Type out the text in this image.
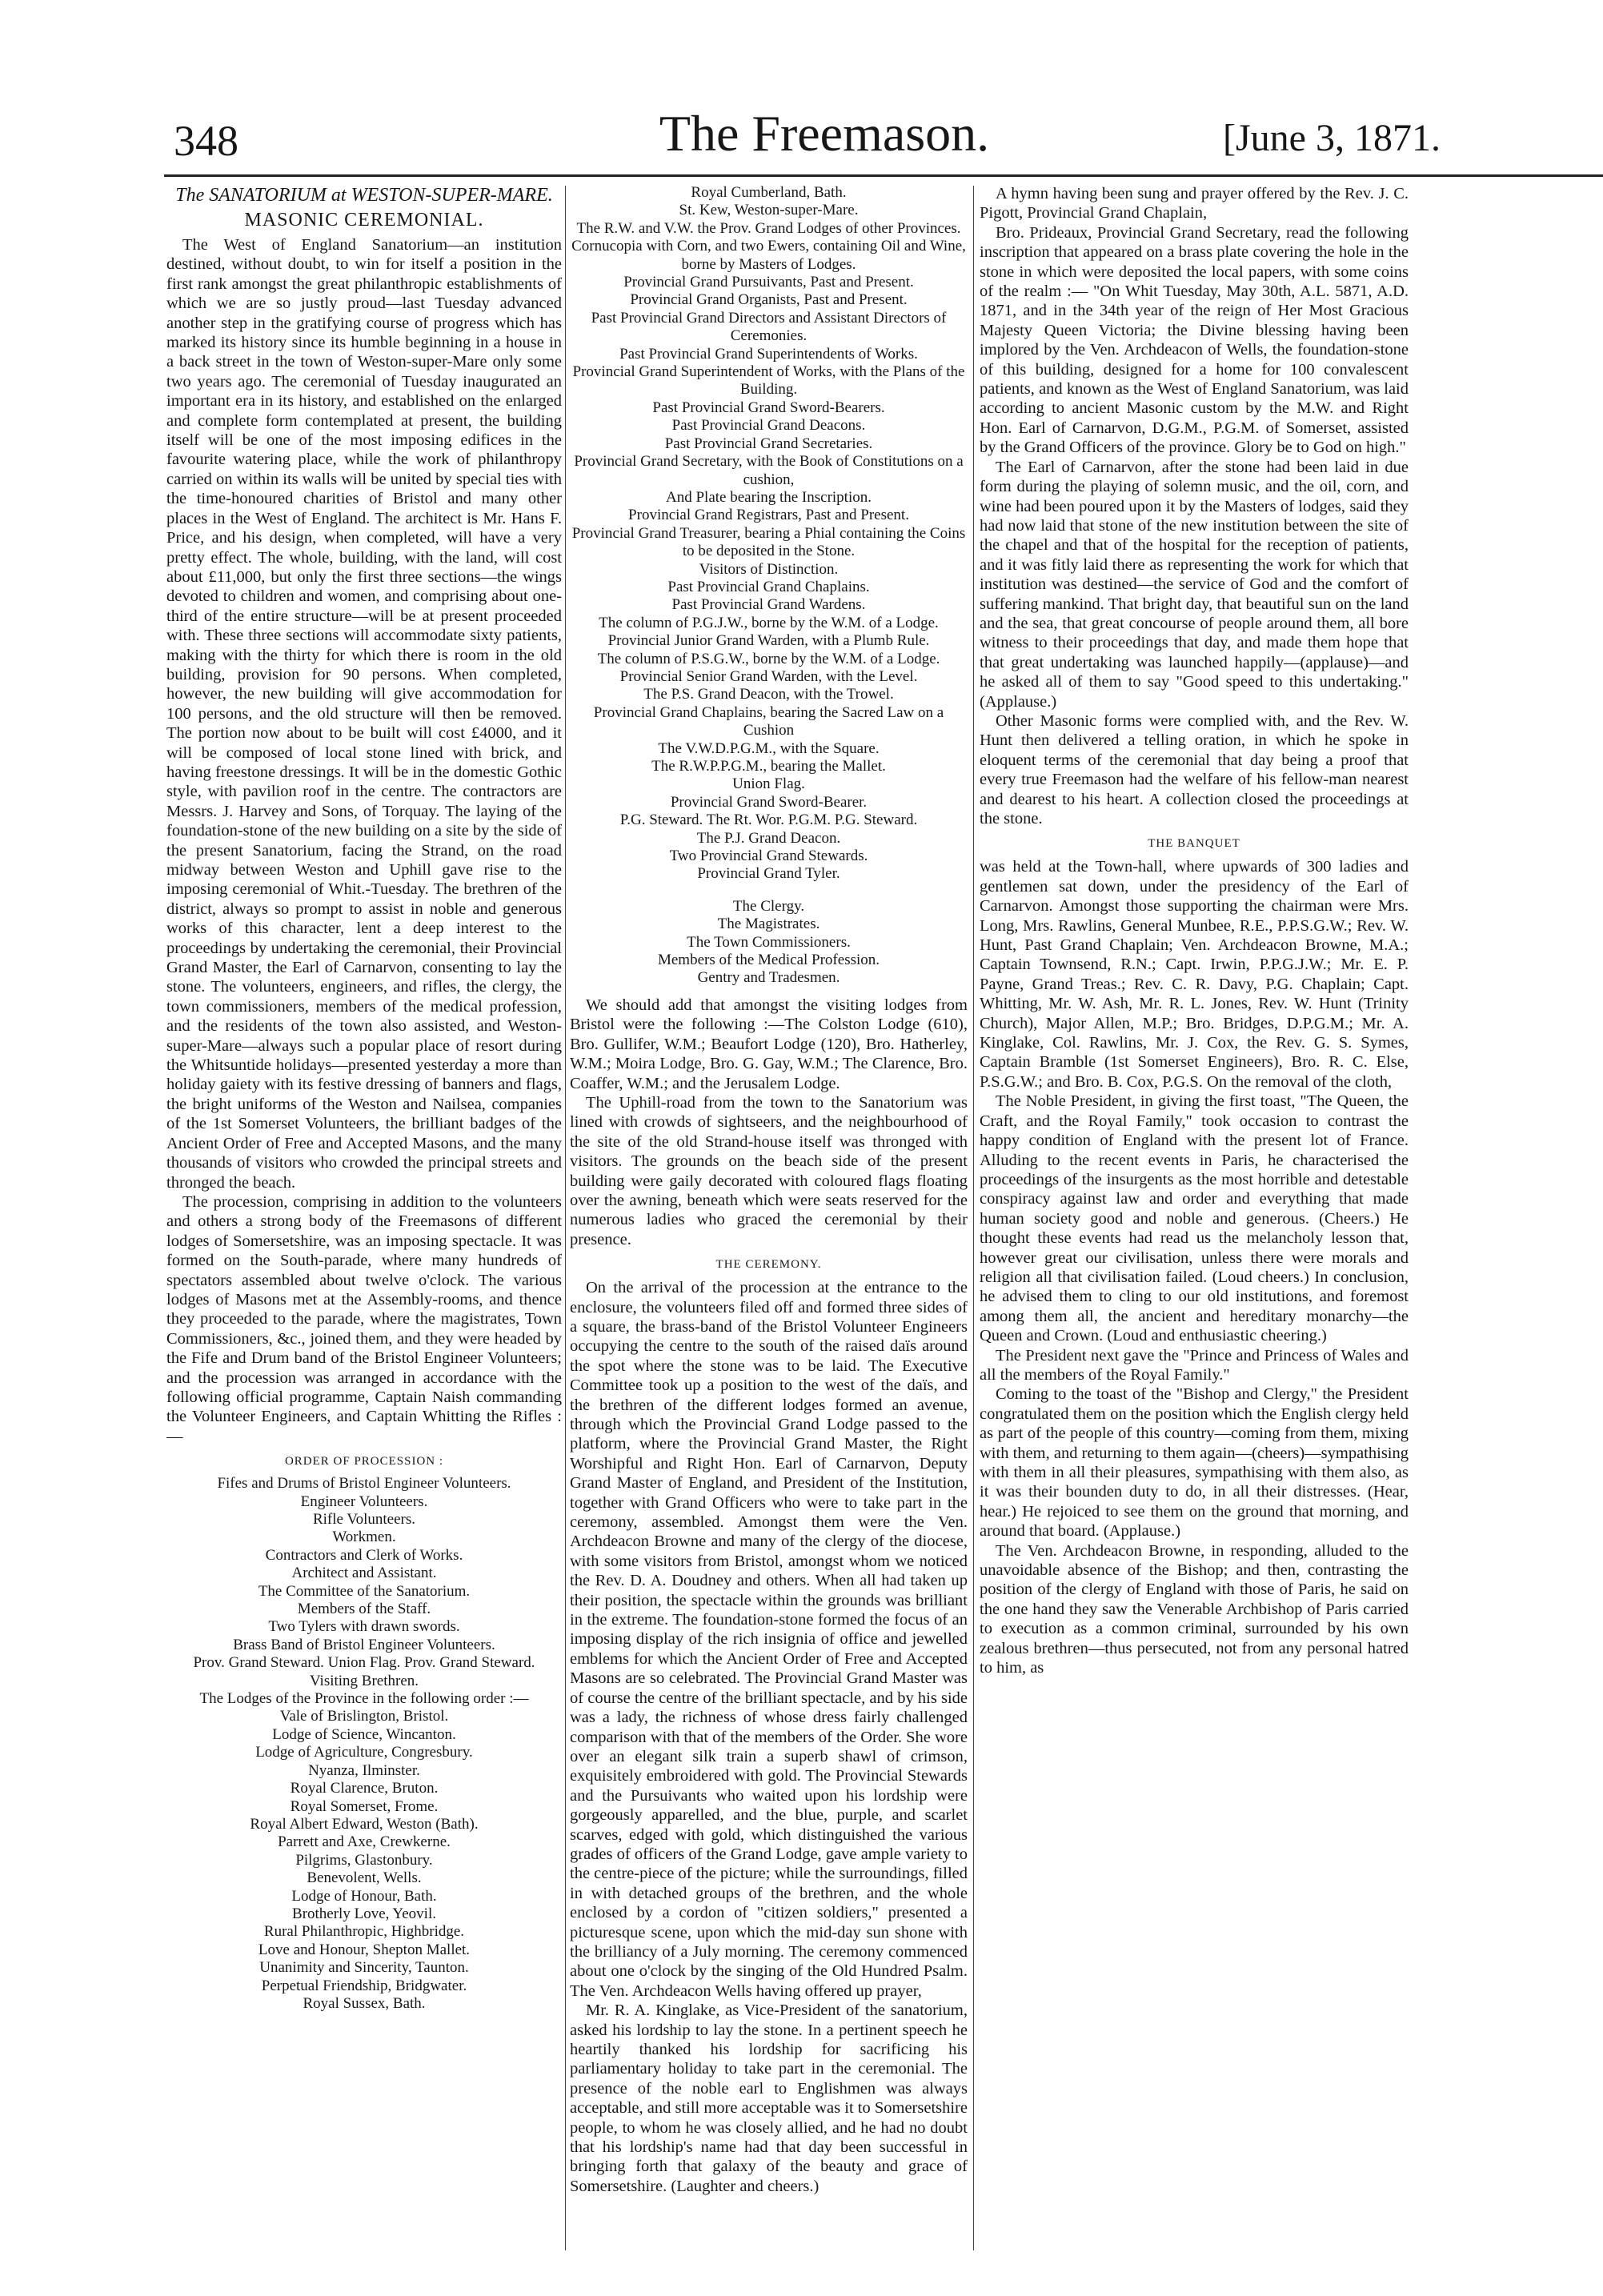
348	The Freemason.	[June 3, 1871.
The SANATORIUM at WESTON-SUPER-MARE.
MASONIC CEREMONIAL.

The West of England Sanatorium—an institution destined, without doubt, to win for itself a position in the first rank amongst the great philanthropic establishments of which we are so justly proud—last Tuesday advanced another step in the gratifying course of progress which has marked its history since its humble beginning in a house in a back street in the town of Weston-super-Mare only some two years ago. The ceremonial of Tuesday inaugurated an important era in its history, and established on the enlarged and complete form contemplated at present, the building itself will be one of the most imposing edifices in the favourite watering place, while the work of philanthropy carried on within its walls will be united by special ties with the time-honoured charities of Bristol and many other places in the West of England. The architect is Mr. Hans F. Price, and his design, when completed, will have a very pretty effect. The whole, building, with the land, will cost about £11,000, but only the first three sections—the wings devoted to children and women, and comprising about one-third of the entire structure—will be at present proceeded with. These three sections will accommodate sixty patients, making with the thirty for which there is room in the old building, provision for 90 persons. When completed, however, the new building will give accommodation for 100 persons, and the old structure will then be removed. The portion now about to be built will cost £4000, and it will be composed of local stone lined with brick, and having freestone dressings. It will be in the domestic Gothic style, with pavilion roof in the centre. The contractors are Messrs. J. Harvey and Sons, of Torquay. The laying of the foundation-stone of the new building on a site by the side of the present Sanatorium, facing the Strand, on the road midway between Weston and Uphill gave rise to the imposing ceremonial of Whit.-Tuesday. The brethren of the district, always so prompt to assist in noble and generous works of this character, lent a deep interest to the proceedings by undertaking the ceremonial, their Provincial Grand Master, the Earl of Carnarvon, consenting to lay the stone. The volunteers, engineers, and rifles, the clergy, the town commissioners, members of the medical profession, and the residents of the town also assisted, and Weston-super-Mare—always such a popular place of resort during the Whitsuntide holidays—presented yesterday a more than holiday gaiety with its festive dressing of banners and flags, the bright uniforms of the Weston and Nailsea, companies of the 1st Somerset Volunteers, the brilliant badges of the Ancient Order of Free and Accepted Masons, and the many thousands of visitors who crowded the principal streets and thronged the beach.

The procession, comprising in addition to the volunteers and others a strong body of the Freemasons of different lodges of Somersetshire, was an imposing spectacle. It was formed on the South-parade, where many hundreds of spectators assembled about twelve o'clock. The various lodges of Masons met at the Assembly-rooms, and thence they proceeded to the parade, where the magistrates, Town Commissioners, &c., joined them, and they were headed by the Fife and Drum band of the Bristol Engineer Volunteers; and the procession was arranged in accordance with the following official programme, Captain Naish commanding the Volunteer Engineers, and Captain Whitting the Rifles :—

ORDER OF PROCESSION :
Fifes and Drums of Bristol Engineer Volunteers.
Engineer Volunteers.
Rifle Volunteers.
Workmen.
Contractors and Clerk of Works.
Architect and Assistant.
The Committee of the Sanatorium.
Members of the Staff.
Two Tylers with drawn swords.
Brass Band of Bristol Engineer Volunteers.
Prov. Grand Steward. Union Flag. Prov. Grand Steward.
Visiting Brethren.
The Lodges of the Province in the following order :—
Vale of Brislington, Bristol.
Lodge of Science, Wincanton.
Lodge of Agriculture, Congresbury.
Nyanza, Ilminster.
Royal Clarence, Bruton.
Royal Somerset, Frome.
Royal Albert Edward, Weston (Bath).
Parrett and Axe, Crewkerne.
Pilgrims, Glastonbury.
Benevolent, Wells.
Lodge of Honour, Bath.
Brotherly Love, Yeovil.
Rural Philanthropic, Highbridge.
Love and Honour, Shepton Mallet.
Unanimity and Sincerity, Taunton.
Perpetual Friendship, Bridgwater.
Royal Sussex, Bath.
Royal Cumberland, Bath.
St. Kew, Weston-super-Mare.
The R.W. and V.W. the Prov. Grand Lodges of other Provinces.
Cornucopia with Corn, and two Ewers, containing Oil and Wine, borne by Masters of Lodges.
Provincial Grand Pursuivants, Past and Present.
Provincial Grand Organists, Past and Present.
Past Provincial Grand Directors and Assistant Directors of Ceremonies.
Past Provincial Grand Superintendents of Works.
Provincial Grand Superintendent of Works, with the Plans of the Building.
Past Provincial Grand Sword-Bearers.
Past Provincial Grand Deacons.
Past Provincial Grand Secretaries.
Provincial Grand Secretary, with the Book of Constitutions on a cushion,
And Plate bearing the Inscription.
Provincial Grand Registrars, Past and Present.
Provincial Grand Treasurer, bearing a Phial containing the Coins to be deposited in the Stone.
Visitors of Distinction.
Past Provincial Grand Chaplains.
Past Provincial Grand Wardens.
The column of P.G.J.W., borne by the W.M. of a Lodge.
Provincial Junior Grand Warden, with a Plumb Rule.
The column of P.S.G.W., borne by the W.M. of a Lodge.
Provincial Senior Grand Warden, with the Level.
The P.S. Grand Deacon, with the Trowel.
Provincial Grand Chaplains, bearing the Sacred Law on a Cushion
The V.W.D.P.G.M., with the Square.
The R.W.P.P.G.M., bearing the Mallet.
Union Flag.
Provincial Grand Sword-Bearer.
P.G. Steward. The Rt. Wor. P.G.M. P.G. Steward.
The P.J. Grand Deacon.
Two Provincial Grand Stewards.
Provincial Grand Tyler.
The Clergy.
The Magistrates.
The Town Commissioners.
Members of the Medical Profession.
Gentry and Tradesmen.

We should add that amongst the visiting lodges from Bristol were the following :—The Colston Lodge (610), Bro. Gullifer, W.M.; Beaufort Lodge (120), Bro. Hatherley, W.M.; Moira Lodge, Bro. G. Gay, W.M.; The Clarence, Bro. Coaffer, W.M.; and the Jerusalem Lodge.

The Uphill-road from the town to the Sanatorium was lined with crowds of sightseers, and the neighbourhood of the site of the old Strand-house itself was thronged with visitors. The grounds on the beach side of the present building were gaily decorated with coloured flags floating over the awning, beneath which were seats reserved for the numerous ladies who graced the ceremonial by their presence.

THE CEREMONY.

On the arrival of the procession at the entrance to the enclosure, the volunteers filed off and formed three sides of a square, the brass-band of the Bristol Volunteer Engineers occupying the centre to the south of the raised daïs around the spot where the stone was to be laid. The Executive Committee took up a position to the west of the daïs, and the brethren of the different lodges formed an avenue, through which the Provincial Grand Lodge passed to the platform, where the Provincial Grand Master, the Right Worshipful and Right Hon. Earl of Carnarvon, Deputy Grand Master of England, and President of the Institution, together with Grand Officers who were to take part in the ceremony, assembled. Amongst them were the Ven. Archdeacon Browne and many of the clergy of the diocese, with some visitors from Bristol, amongst whom we noticed the Rev. D. A. Doudney and others. When all had taken up their position, the spectacle within the grounds was brilliant in the extreme. The foundation-stone formed the focus of an imposing display of the rich insignia of office and jewelled emblems for which the Ancient Order of Free and Accepted Masons are so celebrated. The Provincial Grand Master was of course the centre of the brilliant spectacle, and by his side was a lady, the richness of whose dress fairly challenged comparison with that of the members of the Order. She wore over an elegant silk train a superb shawl of crimson, exquisitely embroidered with gold. The Provincial Stewards and the Pursuivants who waited upon his lordship were gorgeously apparelled, and the blue, purple, and scarlet scarves, edged with gold, which distinguished the various grades of officers of the Grand Lodge, gave ample variety to the centre-piece of the picture; while the surroundings, filled in with detached groups of the brethren, and the whole enclosed by a cordon of "citizen soldiers," presented a picturesque scene, upon which the mid-day sun shone with the brilliancy of a July morning. The ceremony commenced about one o'clock by the singing of the Old Hundred Psalm. The Ven. Archdeacon Wells having offered up prayer,

Mr. R. A. Kinglake, as Vice-President of the sanatorium, asked his lordship to lay the stone. In a pertinent speech he heartily thanked his lordship for sacrificing his parliamentary holiday to take part in the ceremonial. The presence of the noble earl to Englishmen was always acceptable, and still more acceptable was it to Somersetshire people, to whom he was closely allied, and he had no doubt that his lordship's name had that day been successful in bringing forth that galaxy of the beauty and grace of Somersetshire. (Laughter and cheers.)

A hymn having been sung and prayer offered by the Rev. J. C. Pigott, Provincial Grand Chaplain,

Bro. Prideaux, Provincial Grand Secretary, read the following inscription that appeared on a brass plate covering the hole in the stone in which were deposited the local papers, with some coins of the realm :— "On Whit Tuesday, May 30th, A.L. 5871, A.D. 1871, and in the 34th year of the reign of Her Most Gracious Majesty Queen Victoria; the Divine blessing having been implored by the Ven. Archdeacon of Wells, the foundation-stone of this building, designed for a home for 100 convalescent patients, and known as the West of England Sanatorium, was laid according to ancient Masonic custom by the M.W. and Right Hon. Earl of Carnarvon, D.G.M., P.G.M. of Somerset, assisted by the Grand Officers of the province. Glory be to God on high."

The Earl of Carnarvon, after the stone had been laid in due form during the playing of solemn music, and the oil, corn, and wine had been poured upon it by the Masters of lodges, said they had now laid that stone of the new institution between the site of the chapel and that of the hospital for the reception of patients, and it was fitly laid there as representing the work for which that institution was destined—the service of God and the comfort of suffering mankind. That bright day, that beautiful sun on the land and the sea, that great concourse of people around them, all bore witness to their proceedings that day, and made them hope that that great undertaking was launched happily—(applause)—and he asked all of them to say "Good speed to this undertaking." (Applause.)

Other Masonic forms were complied with, and the Rev. W. Hunt then delivered a telling oration, in which he spoke in eloquent terms of the ceremonial that day being a proof that every true Freemason had the welfare of his fellow-man nearest and dearest to his heart. A collection closed the proceedings at the stone.

THE BANQUET

was held at the Town-hall, where upwards of 300 ladies and gentlemen sat down, under the presidency of the Earl of Carnarvon. Amongst those supporting the chairman were Mrs. Long, Mrs. Rawlins, General Munbee, R.E., P.P.S.G.W.; Rev. W. Hunt, Past Grand Chaplain; Ven. Archdeacon Browne, M.A.; Captain Townsend, R.N.; Capt. Irwin, P.P.G.J.W.; Mr. E. P. Payne, Grand Treas.; Rev. C. R. Davy, P.G. Chaplain; Capt. Whitting, Mr. W. Ash, Mr. R. L. Jones, Rev. W. Hunt (Trinity Church), Major Allen, M.P.; Bro. Bridges, D.P.G.M.; Mr. A. Kinglake, Col. Rawlins, Mr. J. Cox, the Rev. G. S. Symes, Captain Bramble (1st Somerset Engineers), Bro. R. C. Else, P.S.G.W.; and Bro. B. Cox, P.G.S. On the removal of the cloth,

The Noble President, in giving the first toast, "The Queen, the Craft, and the Royal Family," took occasion to contrast the happy condition of England with the present lot of France. Alluding to the recent events in Paris, he characterised the proceedings of the insurgents as the most horrible and detestable conspiracy against law and order and everything that made human society good and noble and generous. (Cheers.) He thought these events had read us the melancholy lesson that, however great our civilisation, unless there were morals and religion all that civilisation failed. (Loud cheers.) In conclusion, he advised them to cling to our old institutions, and foremost among them all, the ancient and hereditary monarchy—the Queen and Crown. (Loud and enthusiastic cheering.)

The President next gave the "Prince and Princess of Wales and all the members of the Royal Family."

Coming to the toast of the "Bishop and Clergy," the President congratulated them on the position which the English clergy held as part of the people of this country—coming from them, mixing with them, and returning to them again—(cheers)—sympathising with them in all their pleasures, sympathising with them also, as it was their bounden duty to do, in all their distresses. (Hear, hear.) He rejoiced to see them on the ground that morning, and around that board. (Applause.)

The Ven. Archdeacon Browne, in responding, alluded to the unavoidable absence of the Bishop; and then, contrasting the position of the clergy of England with those of Paris, he said on the one hand they saw the Venerable Archbishop of Paris carried to execution as a common criminal, surrounded by his own zealous brethren—thus persecuted, not from any personal hatred to him, as
